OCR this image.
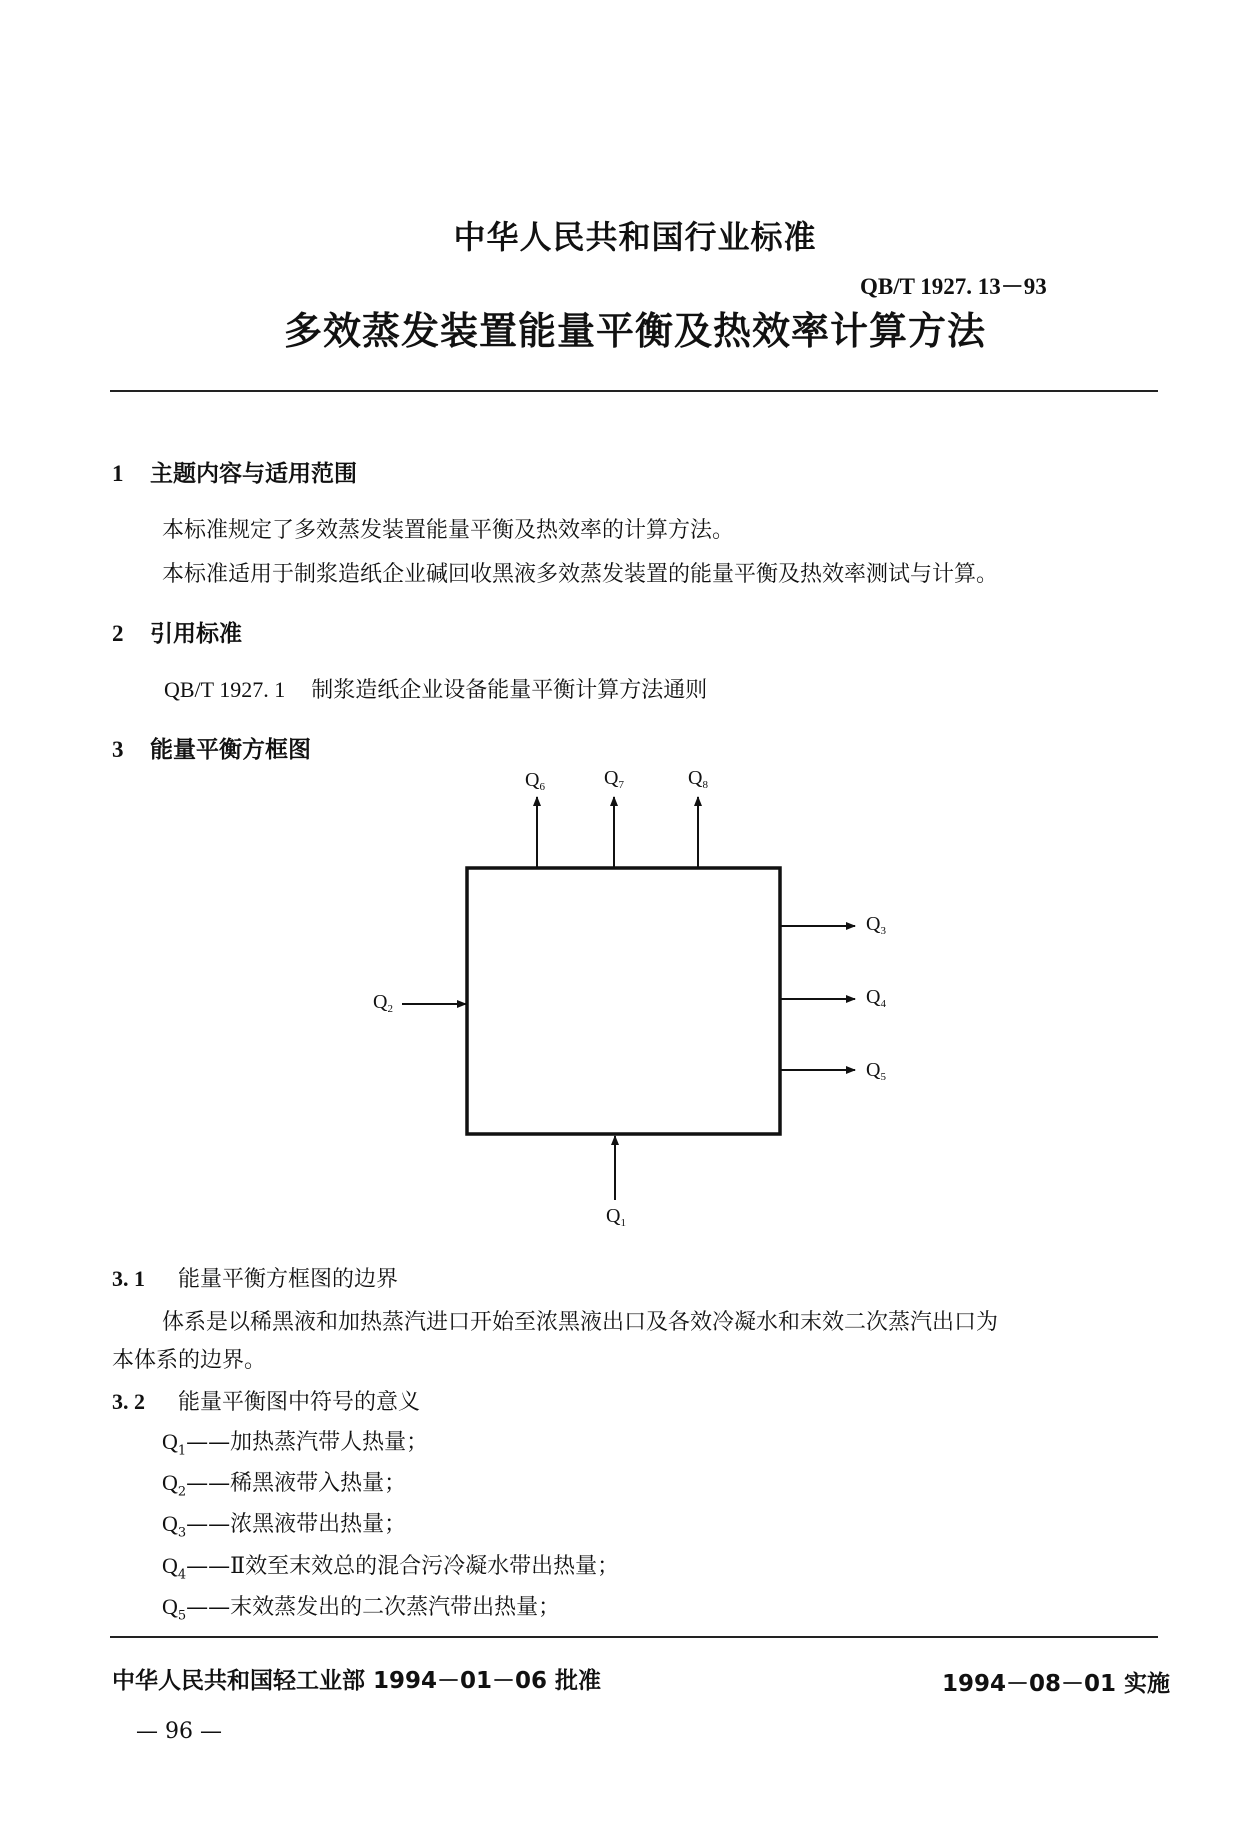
中华人民共和国行业标准
QB/T 1927. 13－93
多效蒸发装置能量平衡及热效率计算方法
1 主题内容与适用范围
本标准规定了多效蒸发装置能量平衡及热效率的计算方法。
本标准适用于制浆造纸企业碱回收黑液多效蒸发装置的能量平衡及热效率测试与计算。
2 引用标准
QB/T 1927. 1 制浆造纸企业设备能量平衡计算方法通则
3 能量平衡方框图
$Q_6$	$Q_7$	$Q_8$
$Q_3$
$Q_4$
$Q_5$
$Q_2$
$Q_1$
3. 1 能量平衡方框图的边界
体系是以稀黑液和加热蒸汽进口开始至浓黑液出口及各效冷凝水和末效二次蒸汽出口为
本体系的边界。
3. 2 能量平衡图中符号的意义
$Q_1——$加热蒸汽带人热量；
$Q_2——$稀黑液带入热量；
$Q_3——$浓黑液带出热量；
$Q_4——Ⅱ$效至末效总的混合污冷凝水带出热量；
$Q_5——$末效蒸发出的二次蒸汽带出热量；
中华人民共和国轻工业部 1994－01－06 批准	1994－08－01 实施
— 96 —
